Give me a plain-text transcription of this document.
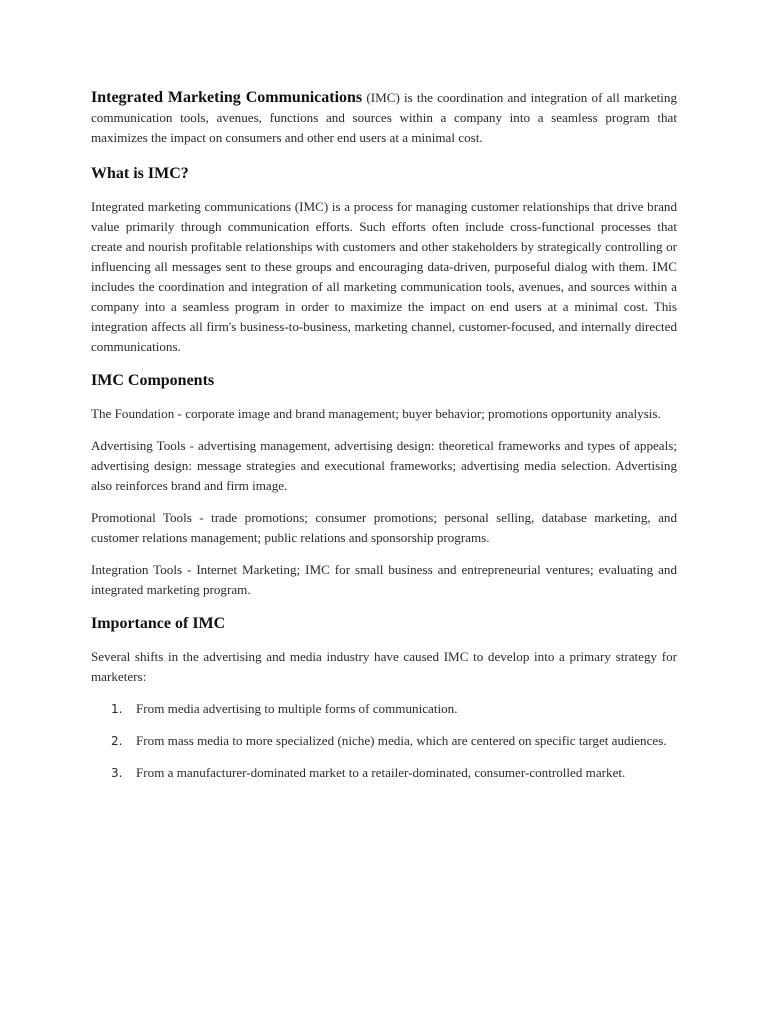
Integrated Marketing Communications (IMC) is the coordination and integration of all marketing communication tools, avenues, functions and sources within a company into a seamless program that maximizes the impact on consumers and other end users at a minimal cost.

What is IMC?

Integrated marketing communications (IMC) is a process for managing customer relationships that drive brand value primarily through communication efforts. Such efforts often include cross-functional processes that create and nourish profitable relationships with customers and other stakeholders by strategically controlling or influencing all messages sent to these groups and encouraging data-driven, purposeful dialog with them. IMC includes the coordination and integration of all marketing communication tools, avenues, and sources within a company into a seamless program in order to maximize the impact on end users at a minimal cost. This integration affects all firm's business-to-business, marketing channel, customer-focused, and internally directed communications.

IMC Components

The Foundation - corporate image and brand management; buyer behavior; promotions opportunity analysis.

Advertising Tools - advertising management, advertising design: theoretical frameworks and types of appeals; advertising design: message strategies and executional frameworks; advertising media selection. Advertising also reinforces brand and firm image.

Promotional Tools - trade promotions; consumer promotions; personal selling, database marketing, and customer relations management; public relations and sponsorship programs.

Integration Tools - Internet Marketing; IMC for small business and entrepreneurial ventures; evaluating and integrated marketing program.

Importance of IMC

Several shifts in the advertising and media industry have caused IMC to develop into a primary strategy for marketers:

1. From media advertising to multiple forms of communication.
2. From mass media to more specialized (niche) media, which are centered on specific target audiences.
3. From a manufacturer-dominated market to a retailer-dominated, consumer-controlled market.
